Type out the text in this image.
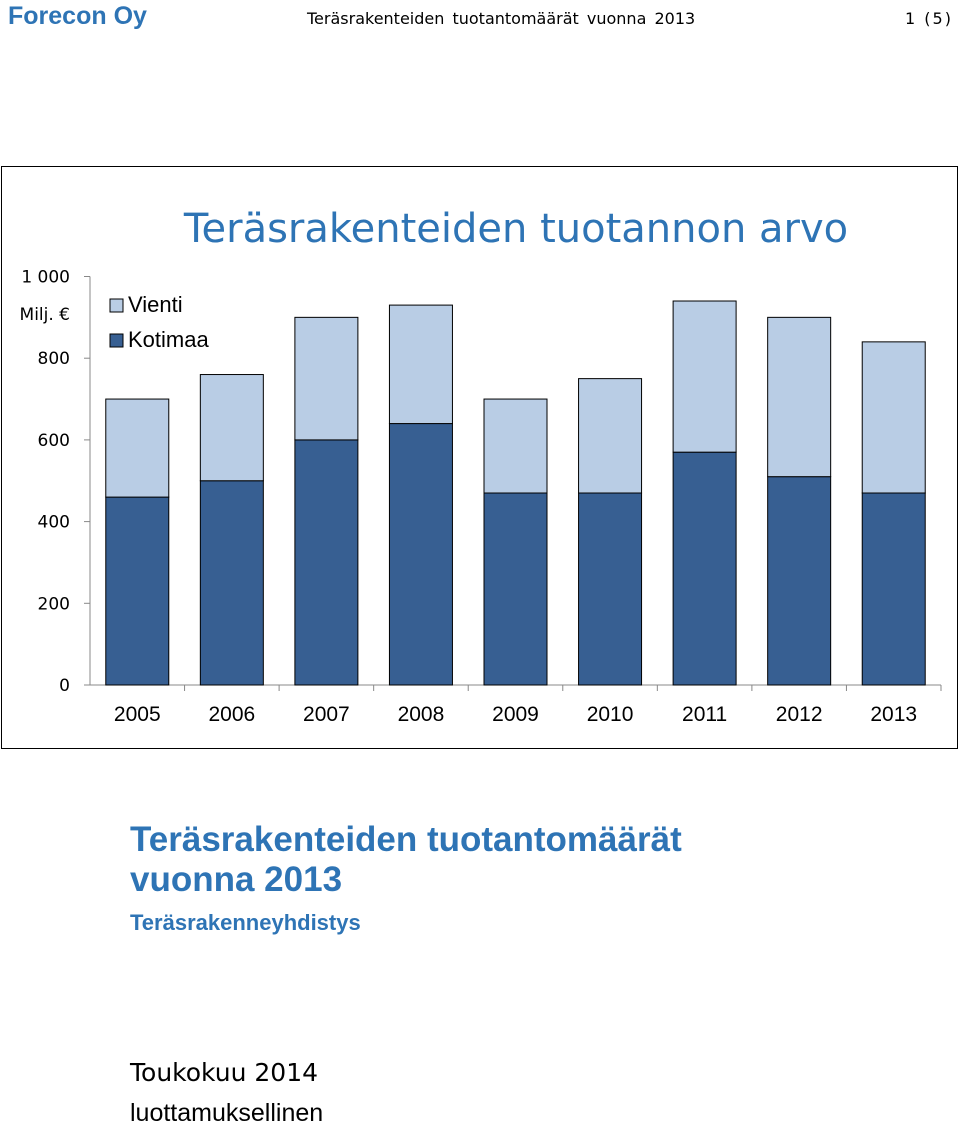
Forecon Oy	Teräsrakenteiden tuotantomäärät vuonna 2013	1 (5)
Teräsrakenteiden tuotannon arvo
0
200
400
600
800
1 000
Milj. €
2005 2006 2007 2008 2009 2010 2011 2012 2013
Vienti
Kotimaa
Teräsrakenteiden tuotantomäärät
vuonna 2013
Teräsrakenneyhdistys
Toukokuu 2014
luottamuksellinen
